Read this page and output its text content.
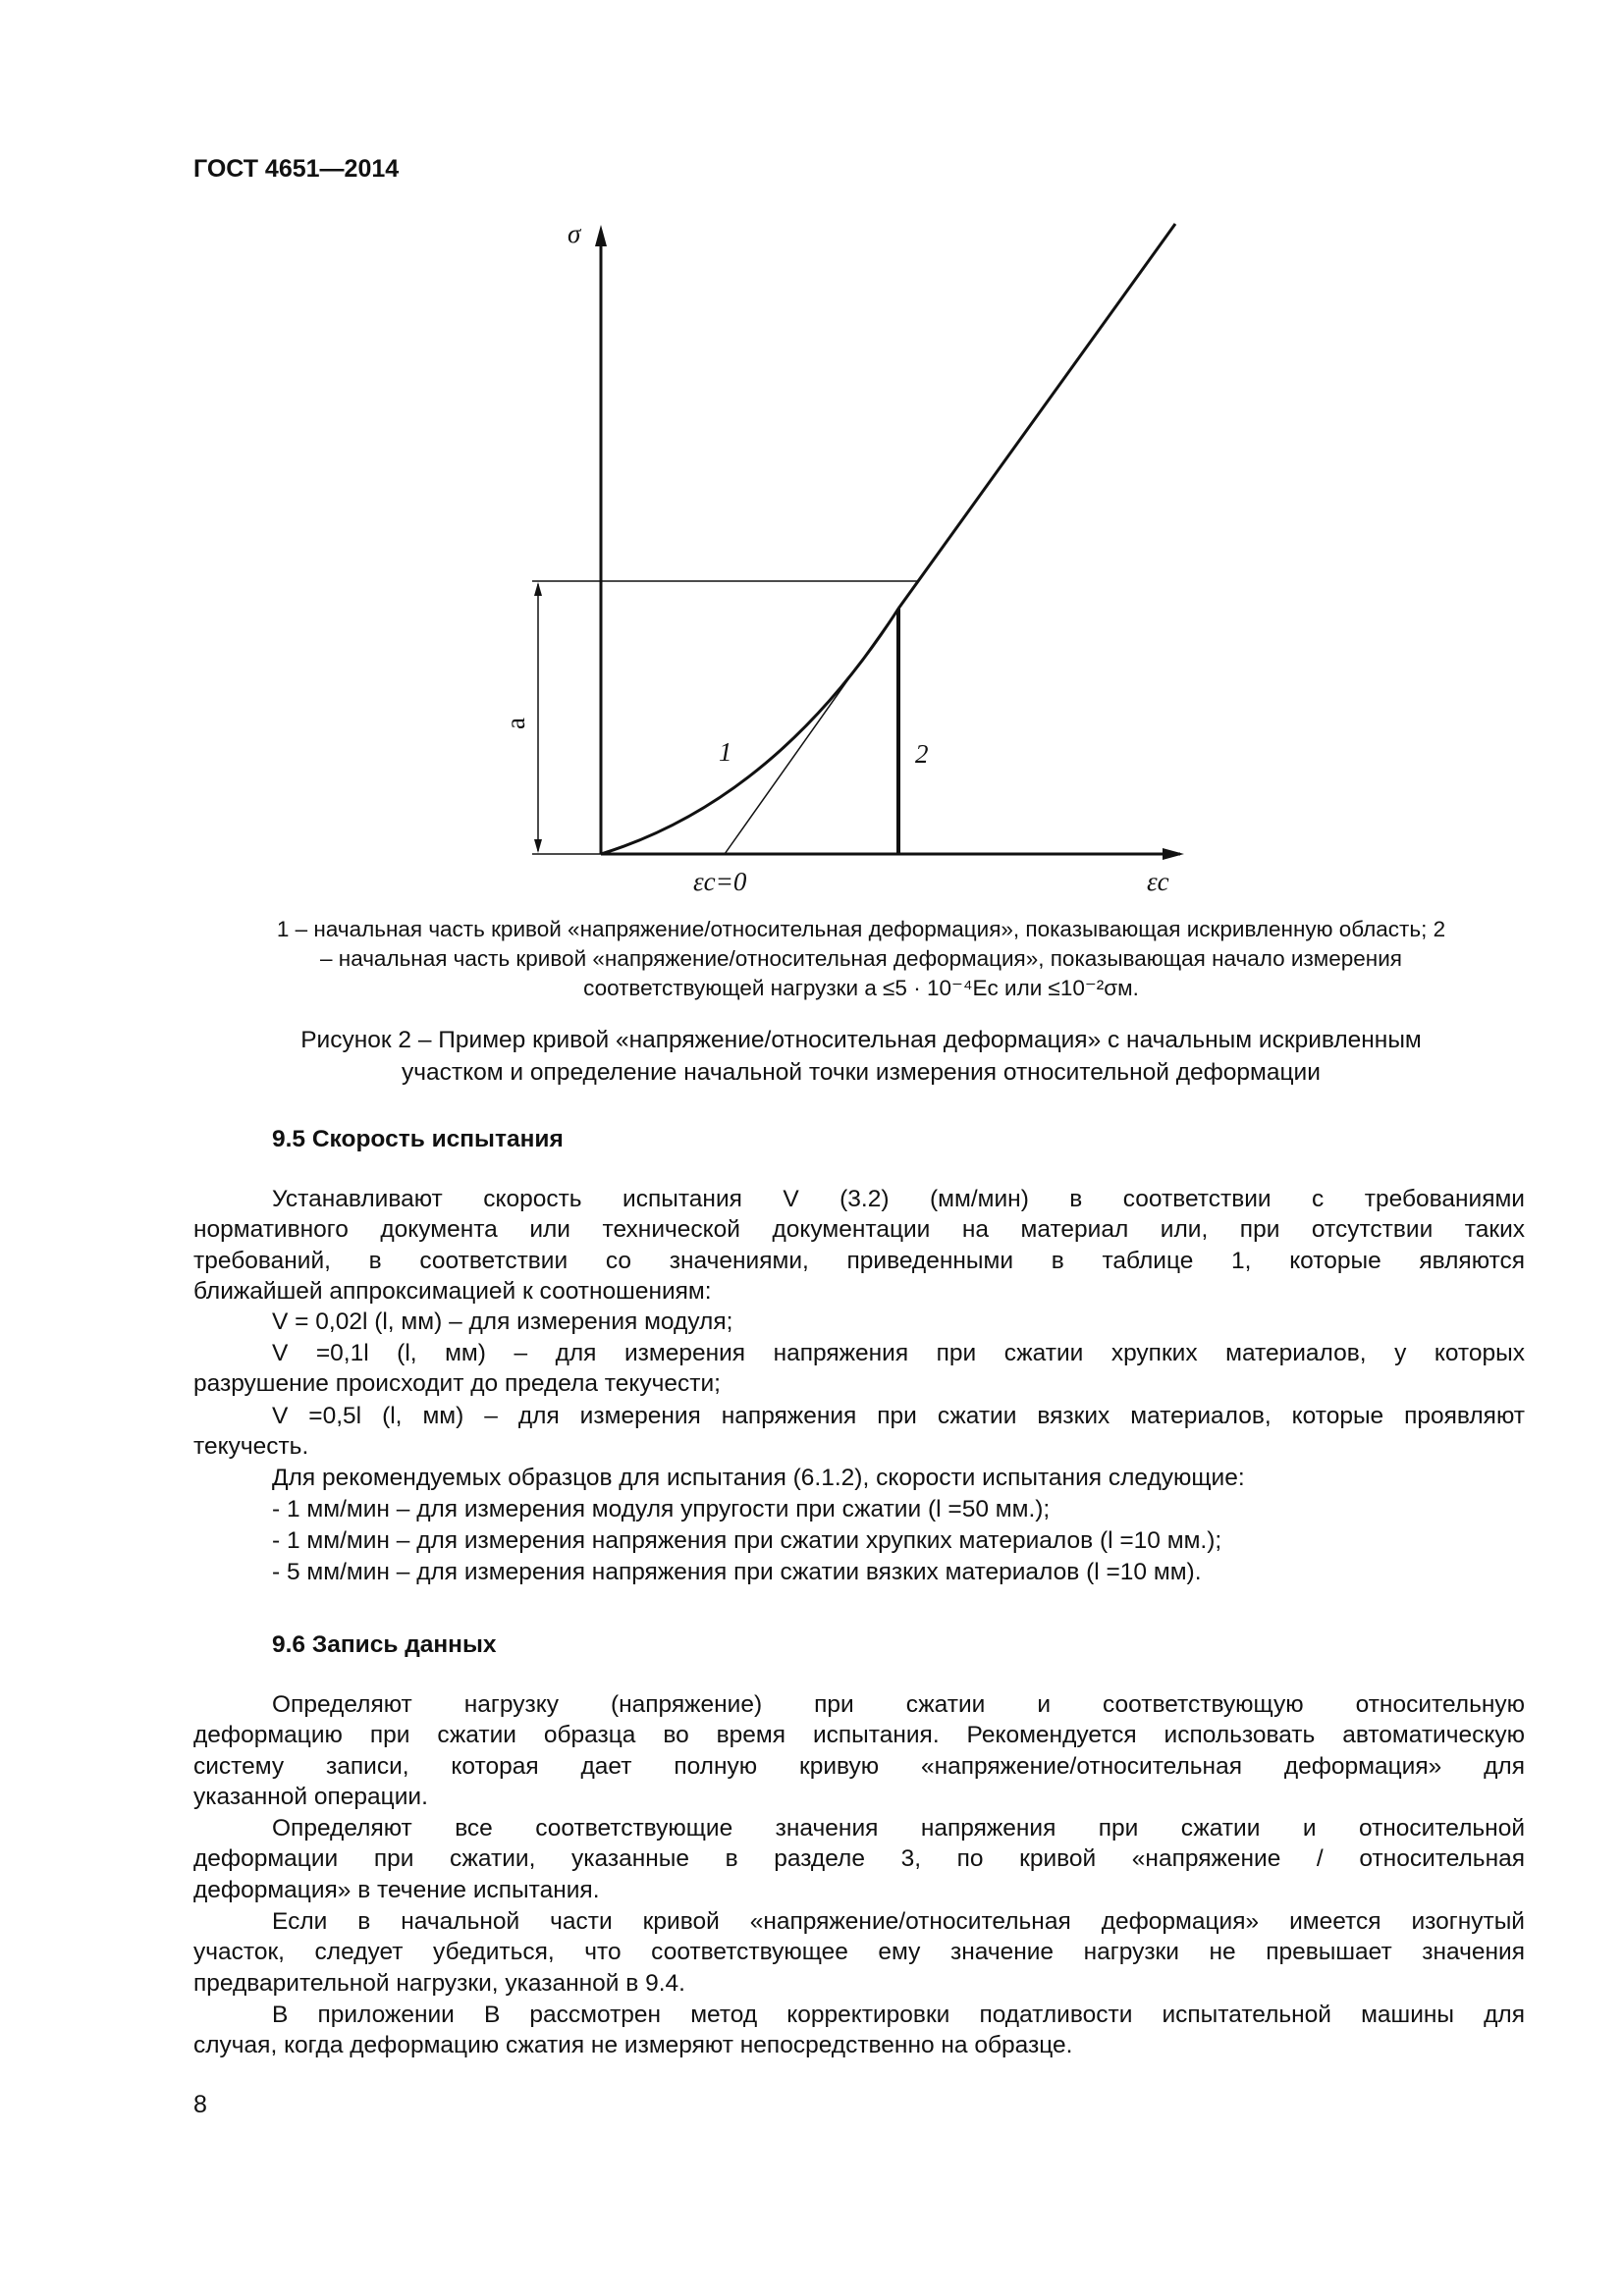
ГОСТ 4651—2014
σ
εc
εc=0
a
1	2
1 – начальная часть кривой «напряжение/относительная деформация», показывающая искривленную область; 2
– начальная часть кривой «напряжение/относительная деформация», показывающая начало измерения
соответствующей нагрузки a ≤5 · 10⁻⁴Ec или ≤10⁻²σм.
Рисунок 2 – Пример кривой «напряжение/относительная деформация» с начальным искривленным
участком и определение начальной точки измерения относительной деформации
9.5 Скорость испытания
Устанавливают скорость испытания V (3.2) (мм/мин) в соответствии с требованиями
нормативного документа или технической документации на материал или, при отсутствии таких
требований, в соответствии со значениями, приведенными в таблице 1, которые являются
ближайшей аппроксимацией к соотношениям:
V = 0,02l (l, мм) – для измерения модуля;
V =0,1l (l, мм) – для измерения напряжения при сжатии хрупких материалов, у которых
разрушение происходит до предела текучести;
V =0,5l (l, мм) – для измерения напряжения при сжатии вязких материалов, которые проявляют
текучесть.
Для рекомендуемых образцов для испытания (6.1.2), скорости испытания следующие:
- 1 мм/мин – для измерения модуля упругости при сжатии (l =50 мм.);
- 1 мм/мин – для измерения напряжения при сжатии хрупких материалов (l =10 мм.);
- 5 мм/мин – для измерения напряжения при сжатии вязких материалов (l =10 мм).
9.6 Запись данных
Определяют нагрузку (напряжение) при сжатии и соответствующую относительную
деформацию при сжатии образца во время испытания. Рекомендуется использовать автоматическую
систему записи, которая дает полную кривую «напряжение/относительная деформация» для
указанной операции.
Определяют все соответствующие значения напряжения при сжатии и относительной
деформации при сжатии, указанные в разделе 3, по кривой «напряжение / относительная
деформация» в течение испытания.
Если в начальной части кривой «напряжение/относительная деформация» имеется изогнутый
участок, следует убедиться, что соответствующее ему значение нагрузки не превышает значения
предварительной нагрузки, указанной в 9.4.
В приложении В рассмотрен метод корректировки податливости испытательной машины для
случая, когда деформацию сжатия не измеряют непосредственно на образце.
8
